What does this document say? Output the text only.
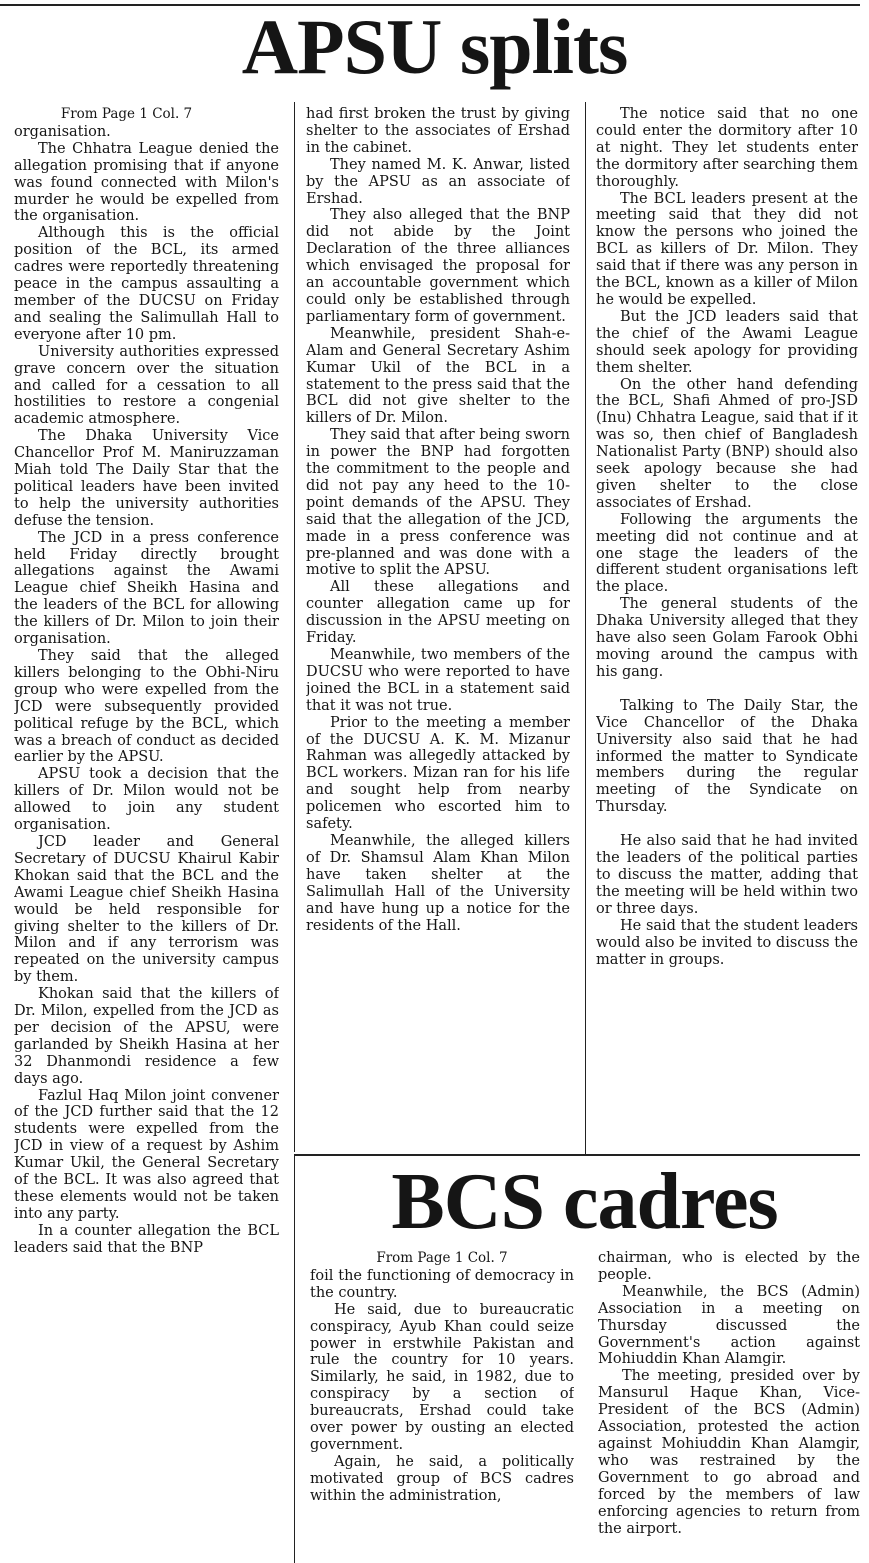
APSU splits

From Page 1 Col. 7

organisation.

The Chhatra League denied the allegation promising that if anyone was found connected with Milon's murder he would be expelled from the organisation.

Although this is the official position of the BCL, its armed cadres were reportedly threatening peace in the campus assaulting a member of the DUCSU on Friday and sealing the Salimullah Hall to everyone after 10 pm.

University authorities expressed grave concern over the situation and called for a cessation to all hostilities to restore a congenial academic atmosphere.

The Dhaka University Vice Chancellor Prof M. Maniruzzaman Miah told The Daily Star that the political leaders have been invited to help the university authorities defuse the tension.

The JCD in a press conference held Friday directly brought allegations against the Awami League chief Sheikh Hasina and the leaders of the BCL for allowing the killers of Dr. Milon to join their organisation.

They said that the alleged killers belonging to the Obhi-Niru group who were expelled from the JCD were subsequently provided political refuge by the BCL, which was a breach of conduct as decided earlier by the APSU.

APSU took a decision that the killers of Dr. Milon would not be allowed to join any student organisation.

JCD leader and General Secretary of DUCSU Khairul Kabir Khokan said that the BCL and the Awami League chief Sheikh Hasina would be held responsible for giving shelter to the killers of Dr. Milon and if any terrorism was repeated on the university campus by them.

Khokan said that the killers of Dr. Milon, expelled from the JCD as per decision of the APSU, were garlanded by Sheikh Hasina at her 32 Dhanmondi residence a few days ago.

Fazlul Haq Milon joint convener of the JCD further said that the 12 students were expelled from the JCD in view of a request by Ashim Kumar Ukil, the General Secretary of the BCL. It was also agreed that these elements would not be taken into any party.

In a counter allegation the BCL leaders said that the BNP

had first broken the trust by giving shelter to the associates of Ershad in the cabinet.

They named M. K. Anwar, listed by the APSU as an associate of Ershad.

They also alleged that the BNP did not abide by the Joint Declaration of the three alliances which envisaged the proposal for an accountable government which could only be established through parliamentary form of government.

Meanwhile, president Shah-e-Alam and General Secretary Ashim Kumar Ukil of the BCL in a statement to the press said that the BCL did not give shelter to the killers of Dr. Milon.

They said that after being sworn in power the BNP had forgotten the commitment to the people and did not pay any heed to the 10-point demands of the APSU. They said that the allegation of the JCD, made in a press conference was pre-planned and was done with a motive to split the APSU.

All these allegations and counter allegation came up for discussion in the APSU meeting on Friday.

Meanwhile, two members of the DUCSU who were reported to have joined the BCL in a statement said that it was not true.

Prior to the meeting a member of the DUCSU A. K. M. Mizanur Rahman was allegedly attacked by BCL workers. Mizan ran for his life and sought help from nearby policemen who escorted him to safety.

Meanwhile, the alleged killers of Dr. Shamsul Alam Khan Milon have taken shelter at the Salimullah Hall of the University and have hung up a notice for the residents of the Hall.

The notice said that no one could enter the dormitory after 10 at night. They let students enter the dormitory after searching them thoroughly.

The BCL leaders present at the meeting said that they did not know the persons who joined the BCL as killers of Dr. Milon. They said that if there was any person in the BCL, known as a killer of Milon he would be expelled.

But the JCD leaders said that the chief of the Awami League should seek apology for providing them shelter.

On the other hand defending the BCL, Shafi Ahmed of pro-JSD (Inu) Chhatra League, said that if it was so, then chief of Bangladesh Nationalist Party (BNP) should also seek apology because she had given shelter to the close associates of Ershad.

Following the arguments the meeting did not continue and at one stage the leaders of the different student organisations left the place.

The general students of the Dhaka University alleged that they have also seen Golam Farook Obhi moving around the campus with his gang.

Talking to The Daily Star, the Vice Chancellor of the Dhaka University also said that he had informed the matter to Syndicate members during the regular meeting of the Syndicate on Thursday.

He also said that he had invited the leaders of the political parties to discuss the matter, adding that the meeting will be held within two or three days.

He said that the student leaders would also be invited to discuss the matter in groups.

BCS cadres

From Page 1 Col. 7

foil the functioning of democracy in the country.

He said, due to bureaucratic conspiracy, Ayub Khan could seize power in erstwhile Pakistan and rule the country for 10 years. Similarly, he said, in 1982, due to conspiracy by a section of bureaucrats, Ershad could take over power by ousting an elected government.

Again, he said, a politically motivated group of BCS cadres within the administration,

chairman, who is elected by the people.

Meanwhile, the BCS (Admin) Association in a meeting on Thursday discussed the Government's action against Mohiuddin Khan Alamgir.

The meeting, presided over by Mansurul Haque Khan, Vice-President of the BCS (Admin) Association, protested the action against Mohiuddin Khan Alamgir, who was restrained by the Government to go abroad and forced by the members of law enforcing agencies to return from the airport.
